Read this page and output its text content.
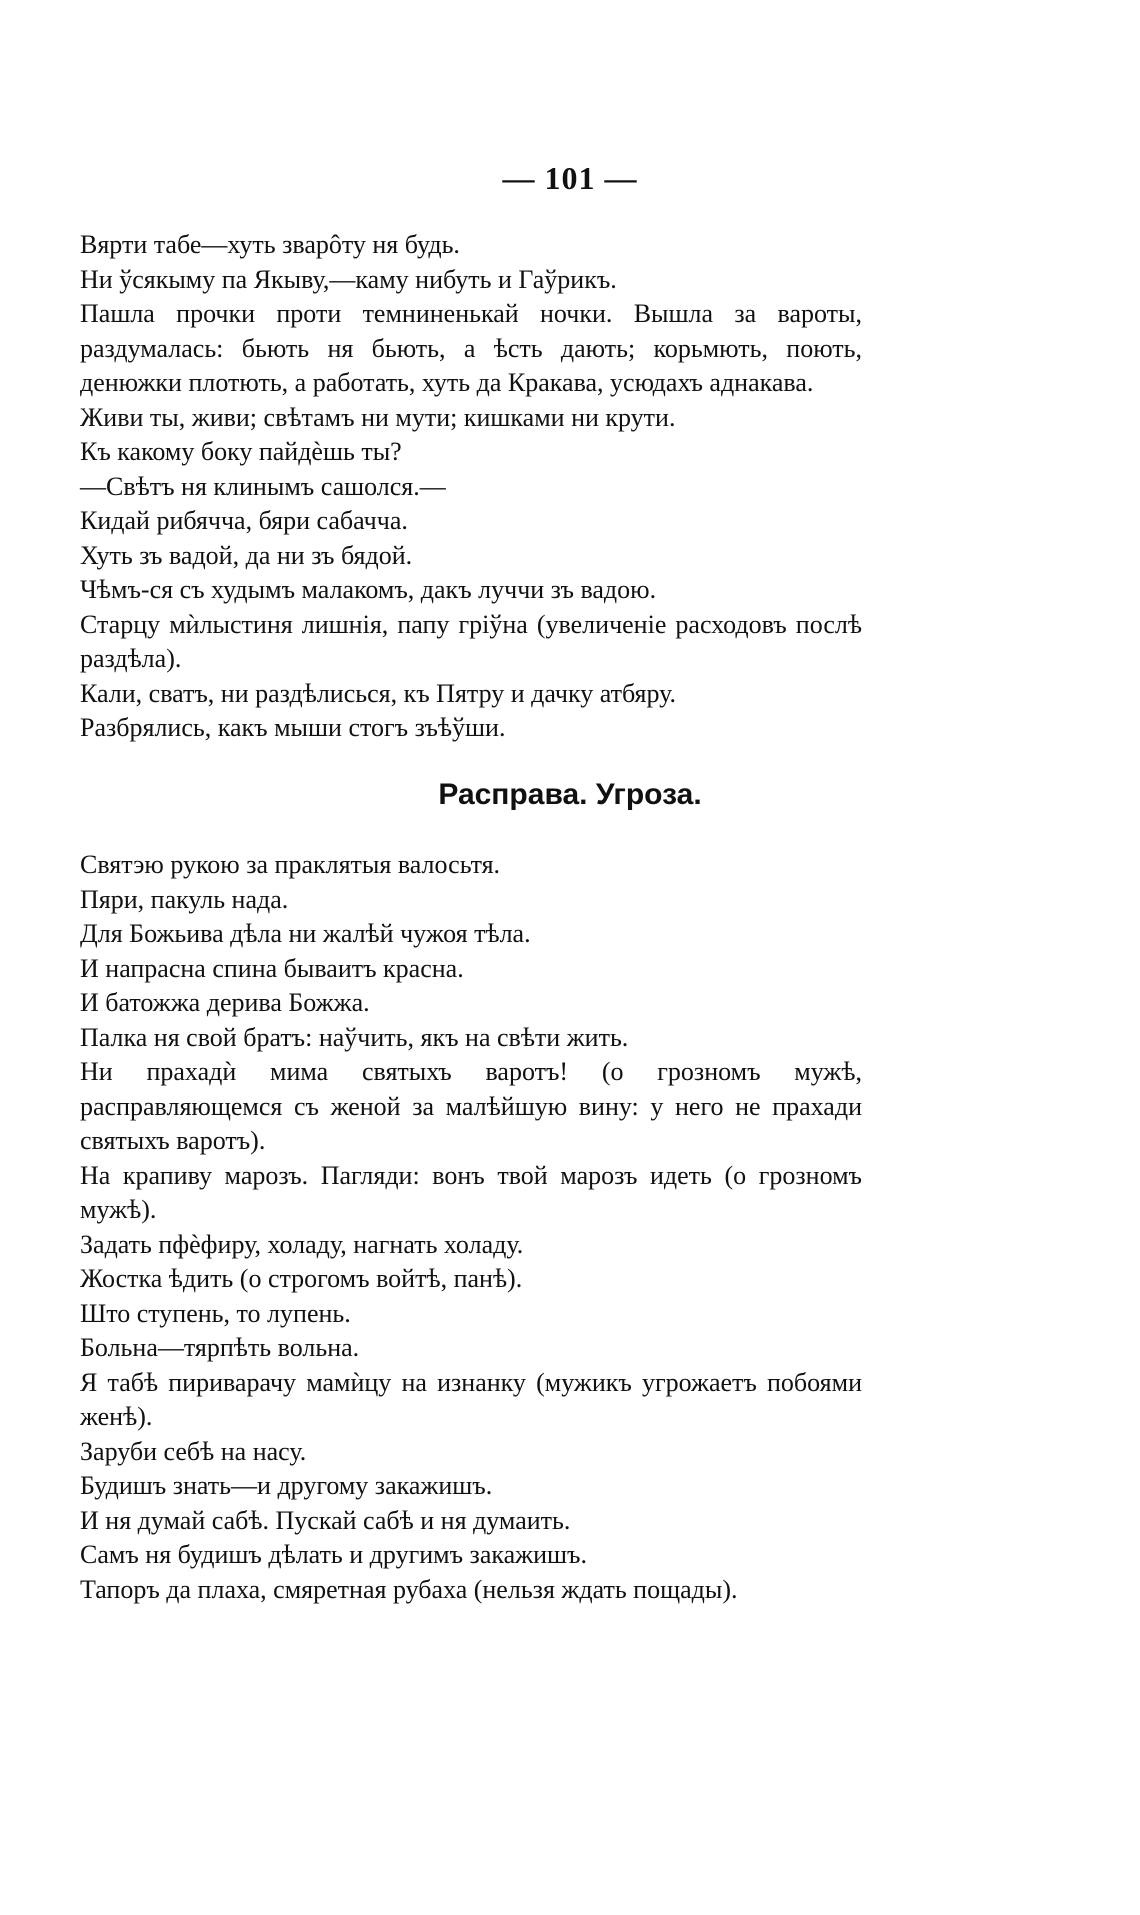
— 101 —

Вярти табе—хуть зварôту ня будь.

Ни ўсякыму па Якыву,—каму нибуть и Гаўрикъ.

Пашла прочки проти темниненькай ночки. Вышла за вароты, раздумалась: бьють ня бьють, а ѣсть дають; корьмють, поють, денюжки плотють, а работать, хуть да Кракава, усюдахъ аднакава.

Живи ты, живи; свѣтамъ ни мути; кишками ни крути.

Къ какому боку пайдѐшь ты?

—Свѣтъ ня клинымъ сашолся.—

Кидай рибячча, бяри сабачча.

Хуть зъ вадой, да ни зъ бядой.

Чѣмъ-ся съ худымъ малакомъ, дакъ луччи зъ вадою.

Старцу мѝлыстиня лишнія, папу гріўна (увеличеніе расходовъ послѣ раздѣла).

Кали, сватъ, ни раздѣлисься, къ Пятру и дачку атбяру.

Разбрялись, какъ мыши стогъ зъѣўши.

Расправа. Угроза.

Святэю рукою за праклятыя валосьтя.

Пяри, пакуль нада.

Для Божьива дѣла ни жалѣй чужоя тѣла.

И напрасна спина бываитъ красна.

И батожжа дерива Божжа.

Палка ня свой братъ: наўчить, якъ на свѣти жить.

Ни прахадѝ мима святыхъ варотъ! (о грозномъ мужѣ, расправляющемся съ женой за малѣйшую вину: у него не прахади святыхъ варотъ).

На крапиву марозъ. Пагляди: вонъ твой марозъ идеть (о грозномъ мужѣ).

Задать пфѐфиру, холаду, нагнать холаду.

Жостка ѣдить (о строгомъ войтѣ, панѣ).

Што ступень, то лупень.

Больна—тярпѣть вольна.

Я табѣ пириварачу мамѝцу на изнанку (мужикъ угрожаетъ побоями женѣ).

Заруби себѣ на насу.

Будишъ знать—и другому закажишъ.

И ня думай сабѣ. Пускай сабѣ и ня думаить.

Самъ ня будишъ дѣлать и другимъ закажишъ.

Тапоръ да плаха, смяретная рубаха (нельзя ждать пощады).
